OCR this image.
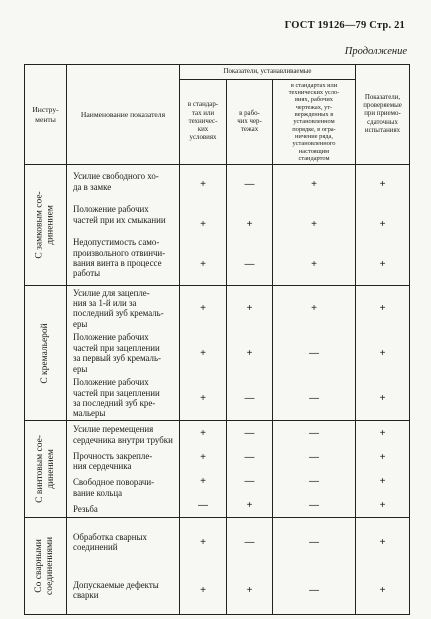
ГОСТ 19126—79 Стр. 21
Продолжение
Инстру-
менты
Наименование показателя
Показатели, устанавливаемые
в стандар-
тах или
техничес-
ких
условиях
в рабо-
чих чер-
тежах
в стандартах или
технических усло-
виях, рабочих
чертежах, ут-
вержденных в
установленном
порядке, в огра-
ничение ряда,
установленного
настоящим
стандартом
Показатели,
проверяемые
при приемо-
сдаточных
испытаниях
С замковым сое-
динением
Усилие свободного хо-
да в замке
Положение рабочих
частей при их смыкании
Недопустимость само-
произвольного отвинчи-
вания винта в процессе
работы
+
+
+
—
+
—
+
+
+
+
+
+
С кремальерой
Усилие для зацепле-
ния за 1-й или за
последний зуб кремаль-
еры
Положение рабочих
частей при зацеплении
за первый зуб кремаль-
еры
Положение рабочих
частей при зацеплении
за последний зуб кре-
мальеры
+
+
+
+
+
—
+
—
—
+
+
+
С винтовым сое-
динением
Усилие перемещения
сердечника внутри трубки
Прочность закрепле-
ния сердечника
Свободное поворачи-
вание кольца
Резьба
+
+
+
—
—
—
—
+
—
—
—
—
+
+
+
+
Со сварными
соединениями
Обработка сварных
соединений
Допускаемые дефекты
сварки
+
+
—
+
—
—
+
+
